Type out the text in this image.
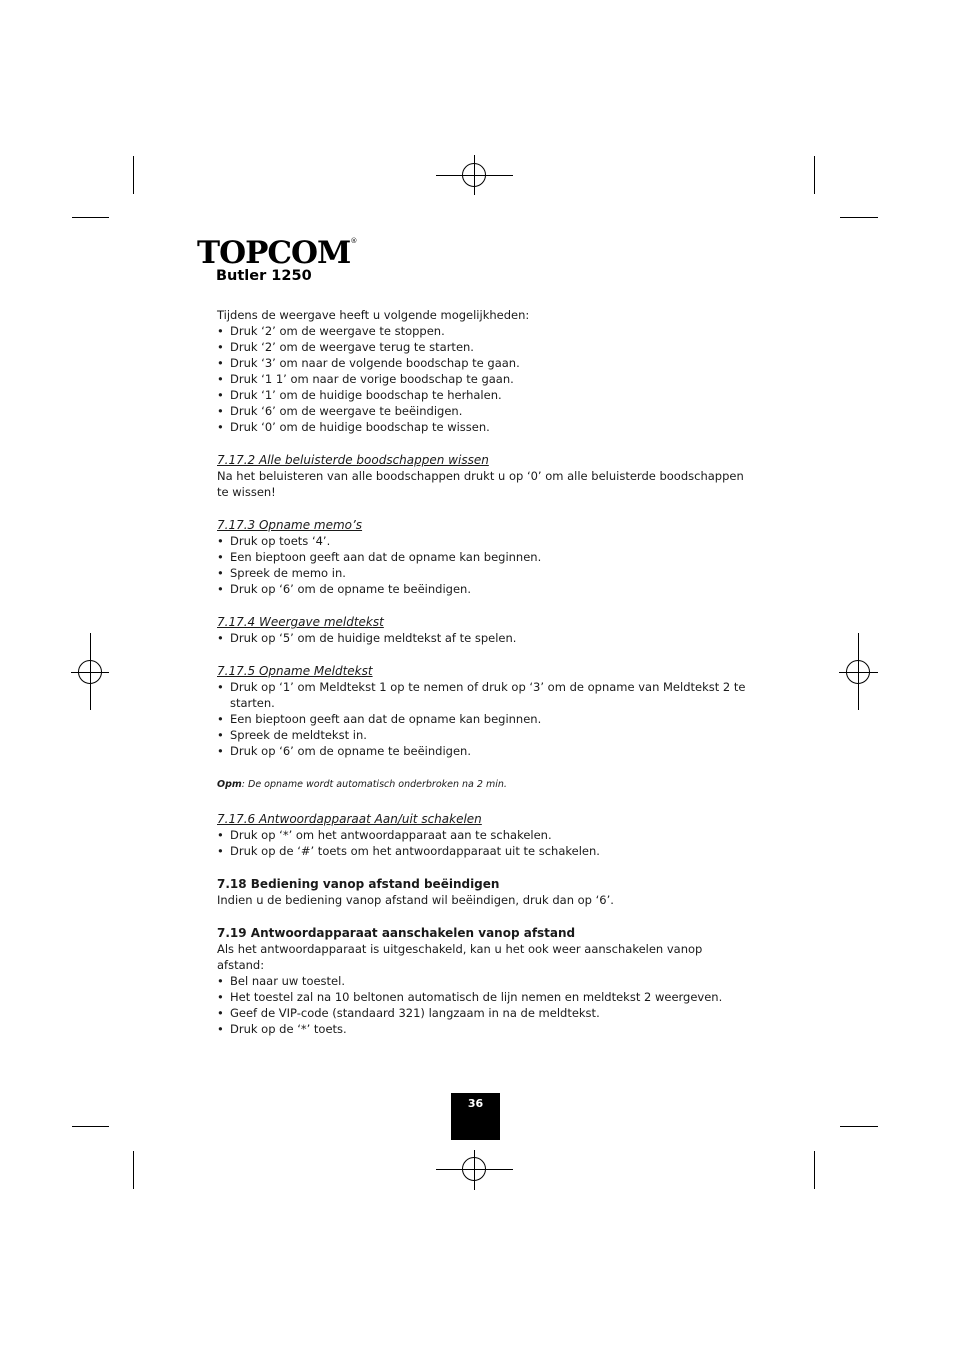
TOPCOM®
Butler 1250

Tijdens de weergave heeft u volgende mogelijkheden:

• Druk ‘2’ om de weergave te stoppen.
• Druk ‘2’ om de weergave terug te starten.
• Druk ‘3’ om naar de volgende boodschap te gaan.
• Druk ‘1 1’ om naar de vorige boodschap te gaan.
• Druk ‘1’ om de huidige boodschap te herhalen.
• Druk ‘6’ om de weergave te beëindigen.
• Druk ‘0’ om de huidige boodschap te wissen.

7.17.2 Alle beluisterde boodschappen wissen

Na het beluisteren van alle boodschappen drukt u op ‘0’ om alle beluisterde boodschappen te wissen!

7.17.3 Opname memo’s

• Druk op toets ‘4’.
• Een bieptoon geeft aan dat de opname kan beginnen.
• Spreek de memo in.
• Druk op ‘6’ om de opname te beëindigen.

7.17.4 Weergave meldtekst

• Druk op ‘5’ om de huidige meldtekst af te spelen.

7.17.5 Opname Meldtekst

• Druk op ‘1’ om Meldtekst 1 op te nemen of druk op ‘3’ om de opname van Meldtekst 2 te starten.
• Een bieptoon geeft aan dat de opname kan beginnen.
• Spreek de meldtekst in.
• Druk op ‘6’ om de opname te beëindigen.

Opm: De opname wordt automatisch onderbroken na 2 min.

7.17.6 Antwoordapparaat Aan/uit schakelen

• Druk op ‘*’ om het antwoordapparaat aan te schakelen.
• Druk op de ‘#’ toets om het antwoordapparaat uit te schakelen.

7.18 Bediening vanop afstand beëindigen

Indien u de bediening vanop afstand wil beëindigen, druk dan op ‘6’.

7.19 Antwoordapparaat aanschakelen vanop afstand

Als het antwoordapparaat is uitgeschakeld, kan u het ook weer aanschakelen vanop afstand:

• Bel naar uw toestel.
• Het toestel zal na 10 beltonen automatisch de lijn nemen en meldtekst 2 weergeven.
• Geef de VIP-code (standaard 321) langzaam in na de meldtekst.
• Druk op de ‘*’ toets.
36
